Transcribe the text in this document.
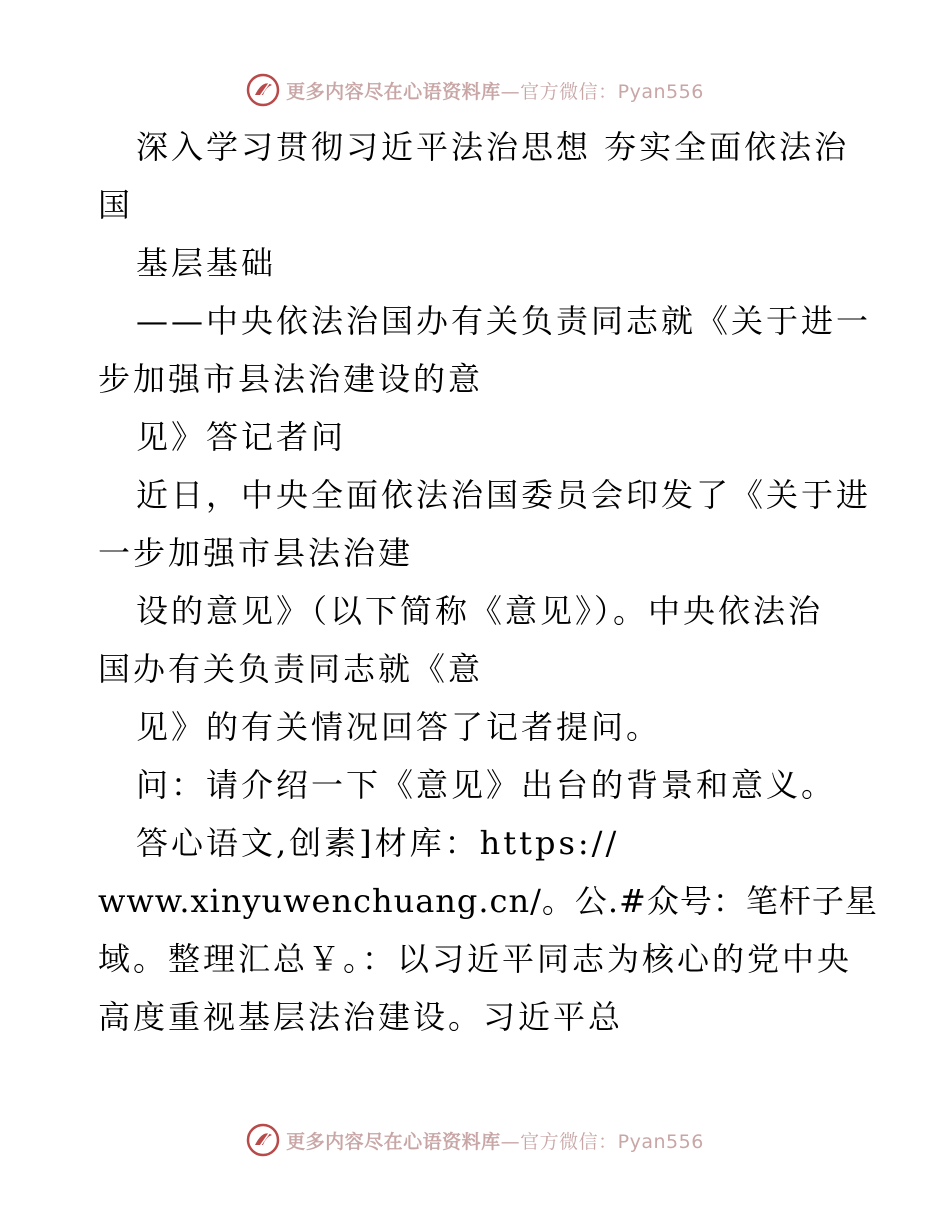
更多内容尽在心语资料库—官方微信：Pyan556
深入学习贯彻习近平法治思想 夯实全面依法治
国
基层基础
——中央依法治国办有关负责同志就《关于进一
步加强市县法治建设的意
见》答记者问
近日，中央全面依法治国委员会印发了《关于进
一步加强市县法治建
设的意见》（以下简称《意见》）。中央依法治
国办有关负责同志就《意
见》的有关情况回答了记者提问。
问：请介绍一下《意见》出台的背景和意义。
答心语文,创素]材库：https://
www.xinyuwenchuang.cn/。公.#众号：笔杆子星
域。整理汇总￥。：以习近平同志为核心的党中央
高度重视基层法治建设。习近平总
更多内容尽在心语资料库—官方微信：Pyan556
